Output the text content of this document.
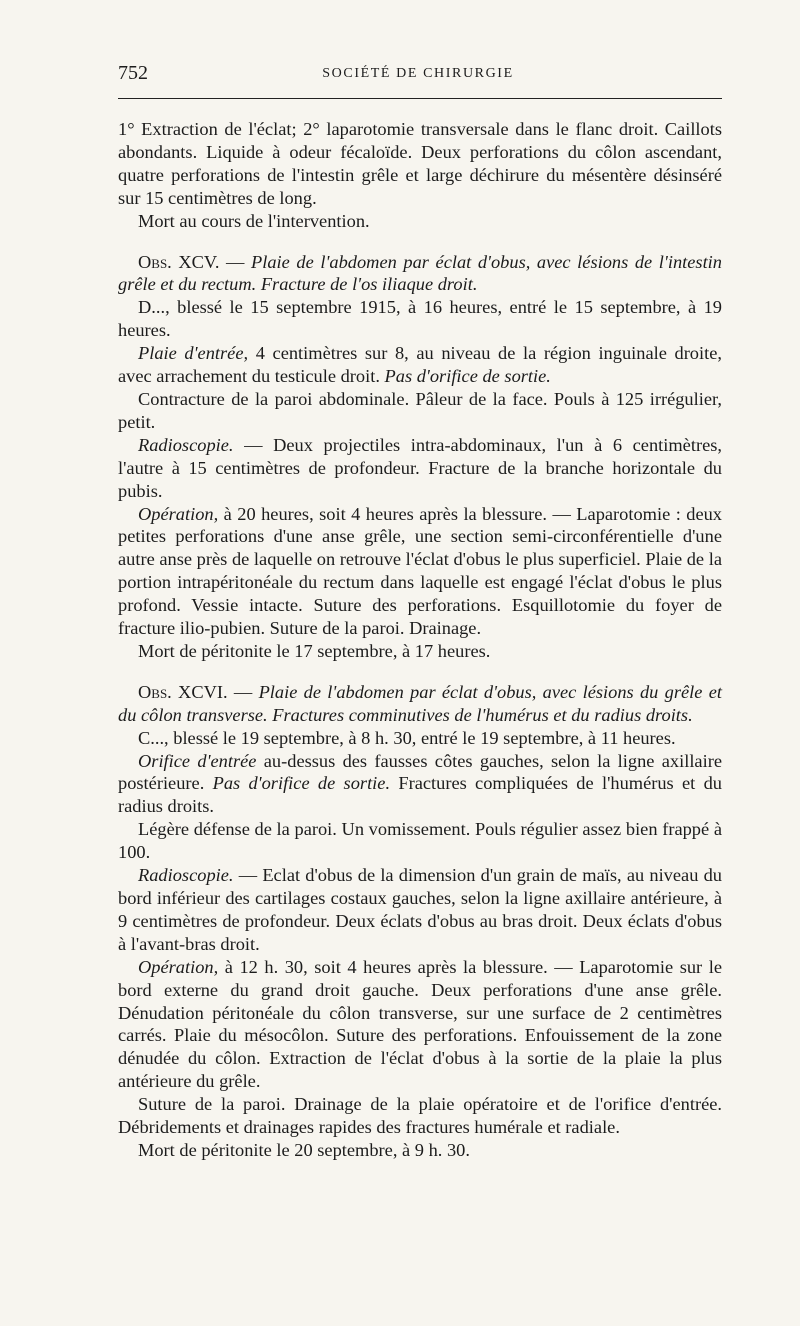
752	SOCIÉTÉ DE CHIRURGIE

1° Extraction de l'éclat; 2° laparotomie transversale dans le flanc droit. Caillots abondants. Liquide à odeur fécaloïde. Deux perforations du côlon ascendant, quatre perforations de l'intestin grêle et large déchirure du mésentère désinséré sur 15 centimètres de long.

Mort au cours de l'intervention.

Obs. XCV. — Plaie de l'abdomen par éclat d'obus, avec lésions de l'intestin grêle et du rectum. Fracture de l'os iliaque droit.

D..., blessé le 15 septembre 1915, à 16 heures, entré le 15 septembre, à 19 heures.

Plaie d'entrée, 4 centimètres sur 8, au niveau de la région inguinale droite, avec arrachement du testicule droit. Pas d'orifice de sortie.

Contracture de la paroi abdominale. Pâleur de la face. Pouls à 125 irrégulier, petit.

Radioscopie. — Deux projectiles intra-abdominaux, l'un à 6 centimètres, l'autre à 15 centimètres de profondeur. Fracture de la branche horizontale du pubis.

Opération, à 20 heures, soit 4 heures après la blessure. — Laparotomie : deux petites perforations d'une anse grêle, une section semi-circonférentielle d'une autre anse près de laquelle on retrouve l'éclat d'obus le plus superficiel. Plaie de la portion intrapéritonéale du rectum dans laquelle est engagé l'éclat d'obus le plus profond. Vessie intacte. Suture des perforations. Esquillotomie du foyer de fracture ilio-pubien. Suture de la paroi. Drainage.

Mort de péritonite le 17 septembre, à 17 heures.

Obs. XCVI. — Plaie de l'abdomen par éclat d'obus, avec lésions du grêle et du côlon transverse. Fractures comminutives de l'humérus et du radius droits.

C..., blessé le 19 septembre, à 8 h. 30, entré le 19 septembre, à 11 heures.

Orifice d'entrée au-dessus des fausses côtes gauches, selon la ligne axillaire postérieure. Pas d'orifice de sortie. Fractures compliquées de l'humérus et du radius droits.

Légère défense de la paroi. Un vomissement. Pouls régulier assez bien frappé à 100.

Radioscopie. — Eclat d'obus de la dimension d'un grain de maïs, au niveau du bord inférieur des cartilages costaux gauches, selon la ligne axillaire antérieure, à 9 centimètres de profondeur. Deux éclats d'obus au bras droit. Deux éclats d'obus à l'avant-bras droit.

Opération, à 12 h. 30, soit 4 heures après la blessure. — Laparotomie sur le bord externe du grand droit gauche. Deux perforations d'une anse grêle. Dénudation péritonéale du côlon transverse, sur une surface de 2 centimètres carrés. Plaie du mésocôlon. Suture des perforations. Enfouissement de la zone dénudée du côlon. Extraction de l'éclat d'obus à la sortie de la plaie la plus antérieure du grêle.

Suture de la paroi. Drainage de la plaie opératoire et de l'orifice d'entrée. Débridements et drainages rapides des fractures humérale et radiale.

Mort de péritonite le 20 septembre, à 9 h. 30.
